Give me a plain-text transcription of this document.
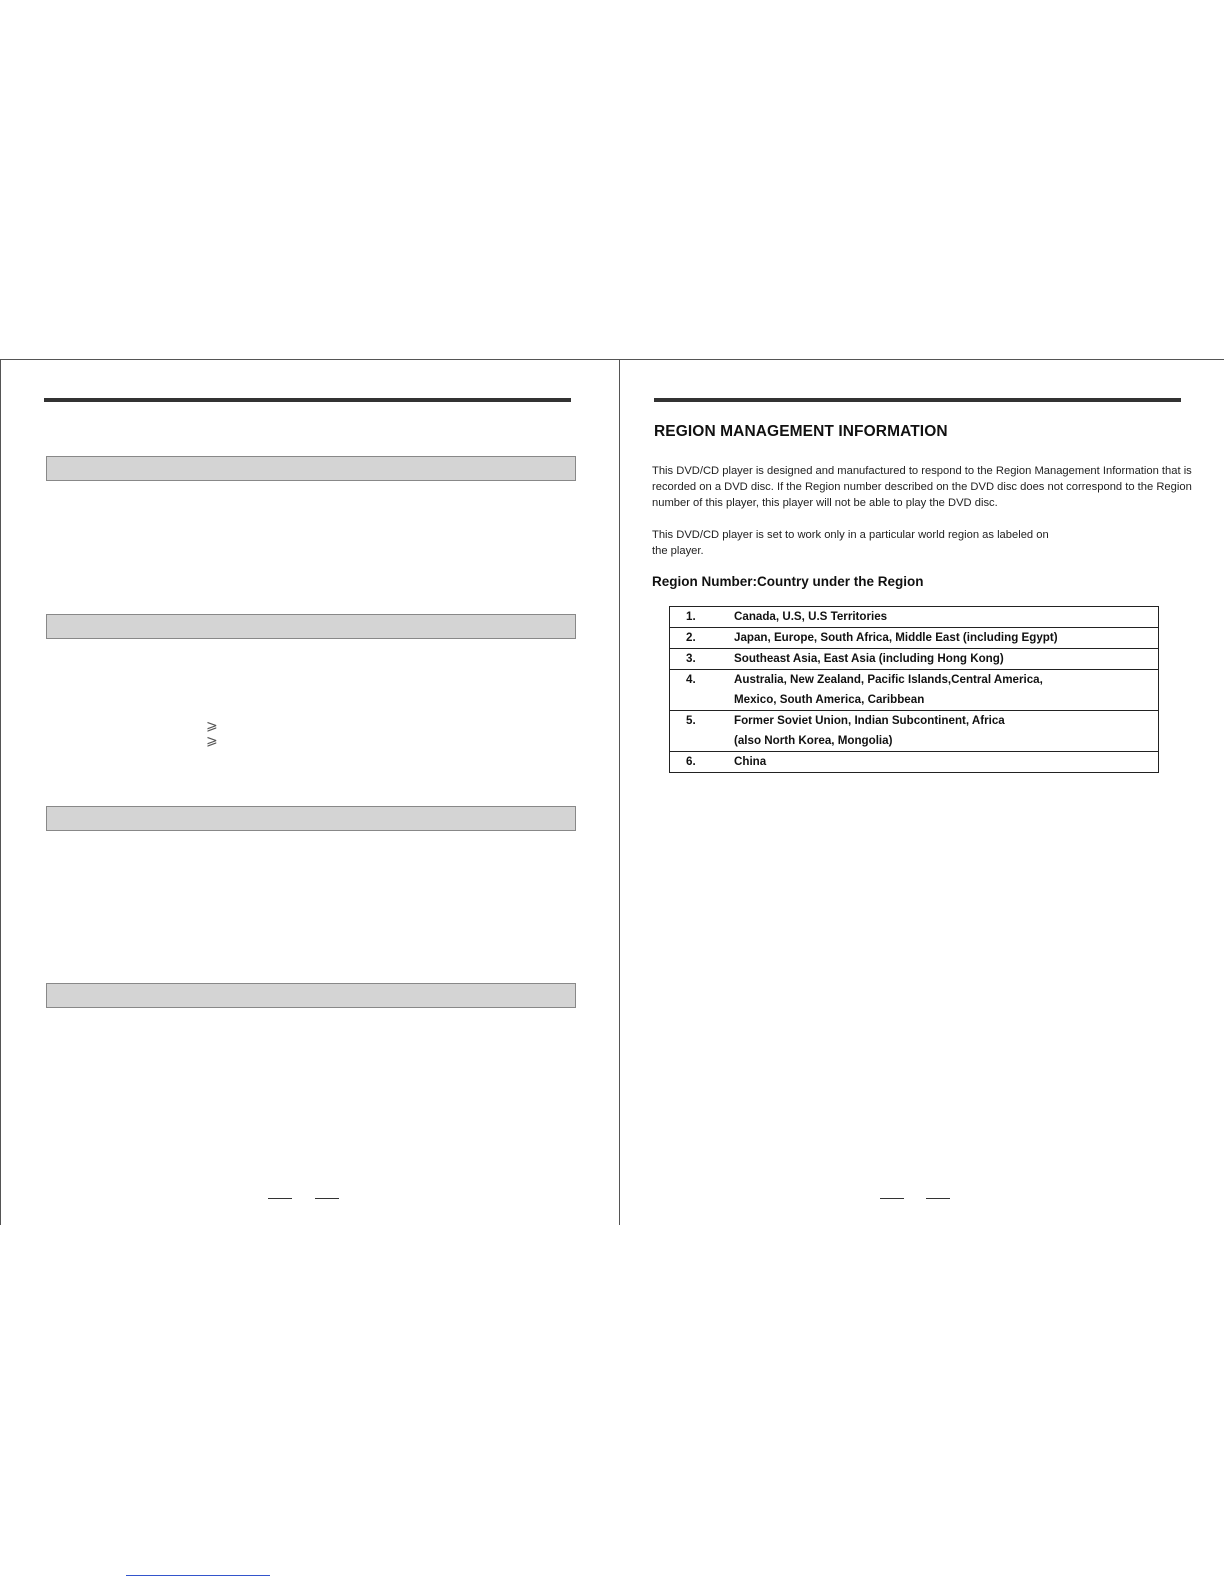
⩾
⩾
REGION MANAGEMENT INFORMATION

This DVD/CD player is designed and manufactured to respond to the Region Management Information that is recorded on a DVD disc. If the Region number described on the DVD disc does not correspond to the Region number of this player, this player will not be able to play the DVD disc.

This DVD/CD player is set to work only in a particular world region as labeled on the player.

Region Number:Country under the Region
1.	Canada, U.S, U.S Territories

2.	Japan, Europe, South Africa, Middle East (including Egypt)

3.	Southeast Asia, East Asia (including Hong Kong)

4.	Australia, New Zealand, Pacific Islands,Central America,
Mexico, South America, Caribbean

5.	Former Soviet Union, Indian Subcontinent, Africa
(also North Korea, Mongolia)

6.	China
